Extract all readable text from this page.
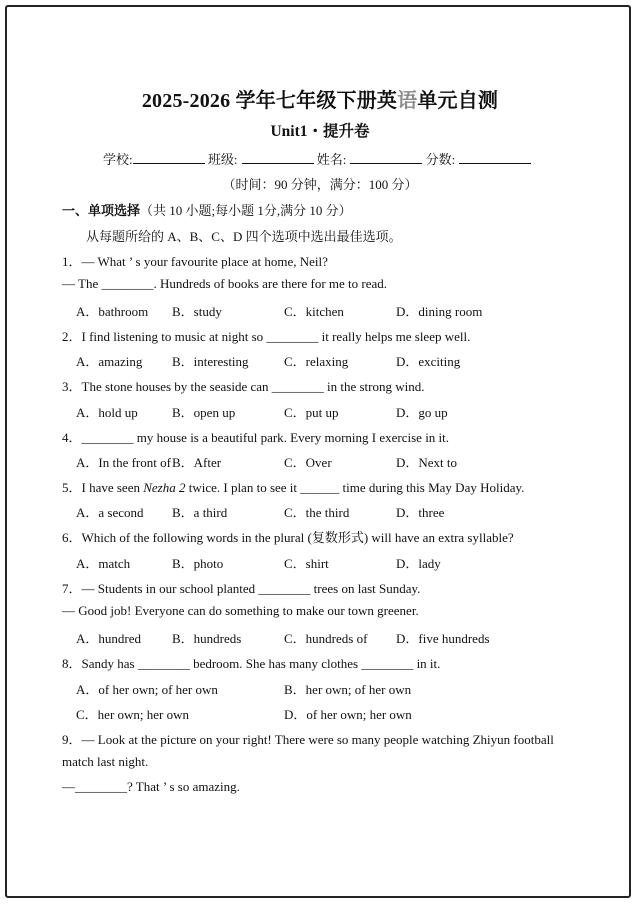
2025-2026 学年七年级下册英语单元自测
Unit1・提升卷
学校:	班级:	姓名:	分数:
（时间：90 分钟，满分：100 分）
一、单项选择（共 10 小题;每小题 1分,满分 10 分）
从每题所给的 A、B、C、D 四个选项中选出最佳选项。
1．— What ’ s your favourite place at home, Neil?
— The ________. Hundreds of books are there for me to read.
A．bathroom B．study	C．kitchen	D．dining room
2．I find listening to music at night so ________ it really helps me sleep well.
A．amazing B．interesting	C．relaxing	D．exciting
3．The stone houses by the seaside can ________ in the strong wind.
A．hold up	B．open up	C．put up	D．go up
4．________ my house is a beautiful park. Every morning I exercise in it.
A．In the front of B．After	C．Over	D．Next to
5．I have seen Nezha 2 twice. I plan to see it ______ time during this May Day Holiday.
A．a second B．a third	C．the third	D．three
6．Which of the following words in the plural (复数形式) will have an extra syllable?
A．match	B．photo	C．shirt	D．lady
7．— Students in our school planted ________ trees on last Sunday.
— Good job! Everyone can do something to make our town greener.
A．hundred B．hundreds	C．hundreds of D．five hundreds
8．Sandy has ________ bedroom. She has many clothes ________ in it.
A．of her own; of her own	B．her own; of her own
C．her own; her own	D．of her own; her own
9．— Look at the picture on your right! There were so many people watching Zhiyun football
match last night.
—________? That ’ s so amazing.
